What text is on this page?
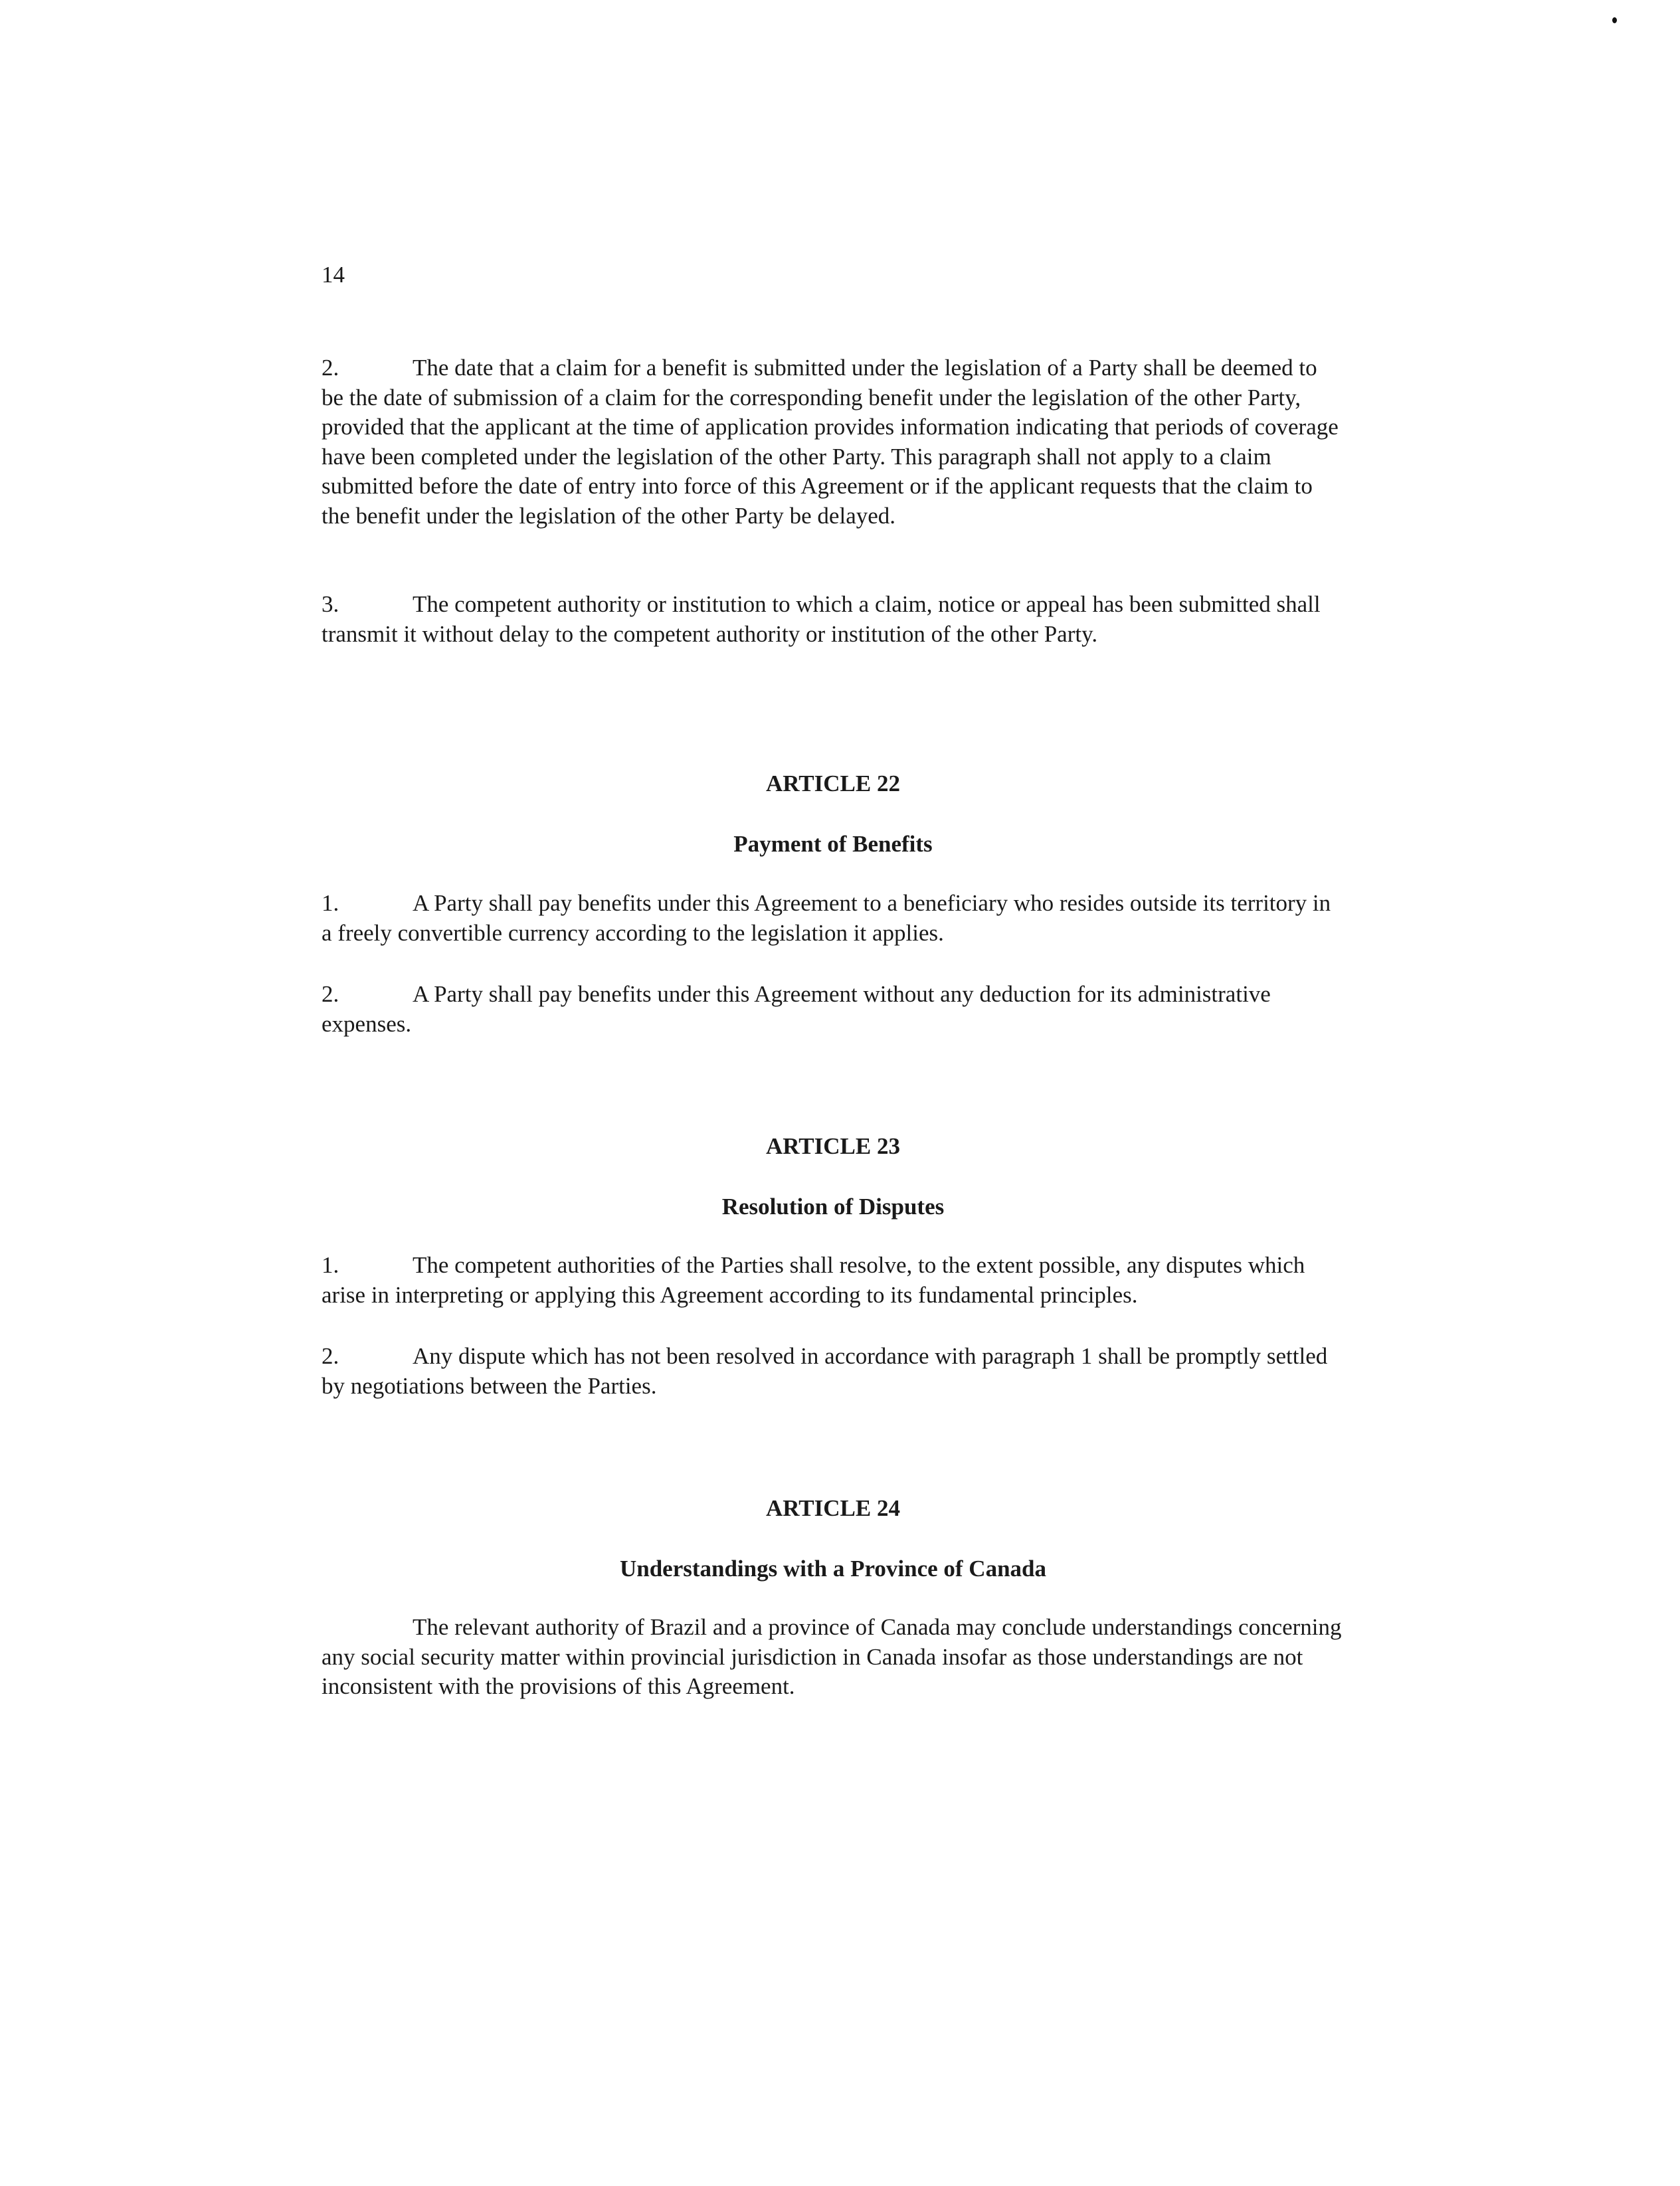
14

2.	The date that a claim for a benefit is submitted under the legislation of a Party shall be deemed to be the date of submission of a claim for the corresponding benefit under the legislation of the other Party, provided that the applicant at the time of application provides information indicating that periods of coverage have been completed under the legislation of the other Party. This paragraph shall not apply to a claim submitted before the date of entry into force of this Agreement or if the applicant requests that the claim to the benefit under the legislation of the other Party be delayed.

3.	The competent authority or institution to which a claim, notice or appeal has been submitted shall transmit it without delay to the competent authority or institution of the other Party.

ARTICLE 22
Payment of Benefits

1.	A Party shall pay benefits under this Agreement to a beneficiary who resides outside its territory in a freely convertible currency according to the legislation it applies.

2.	A Party shall pay benefits under this Agreement without any deduction for its administrative expenses.

ARTICLE 23
Resolution of Disputes

1.	The competent authorities of the Parties shall resolve, to the extent possible, any disputes which arise in interpreting or applying this Agreement according to its fundamental principles.

2.	Any dispute which has not been resolved in accordance with paragraph 1 shall be promptly settled by negotiations between the Parties.

ARTICLE 24
Understandings with a Province of Canada

The relevant authority of Brazil and a province of Canada may conclude understandings concerning any social security matter within provincial jurisdiction in Canada insofar as those understandings are not inconsistent with the provisions of this Agreement.
